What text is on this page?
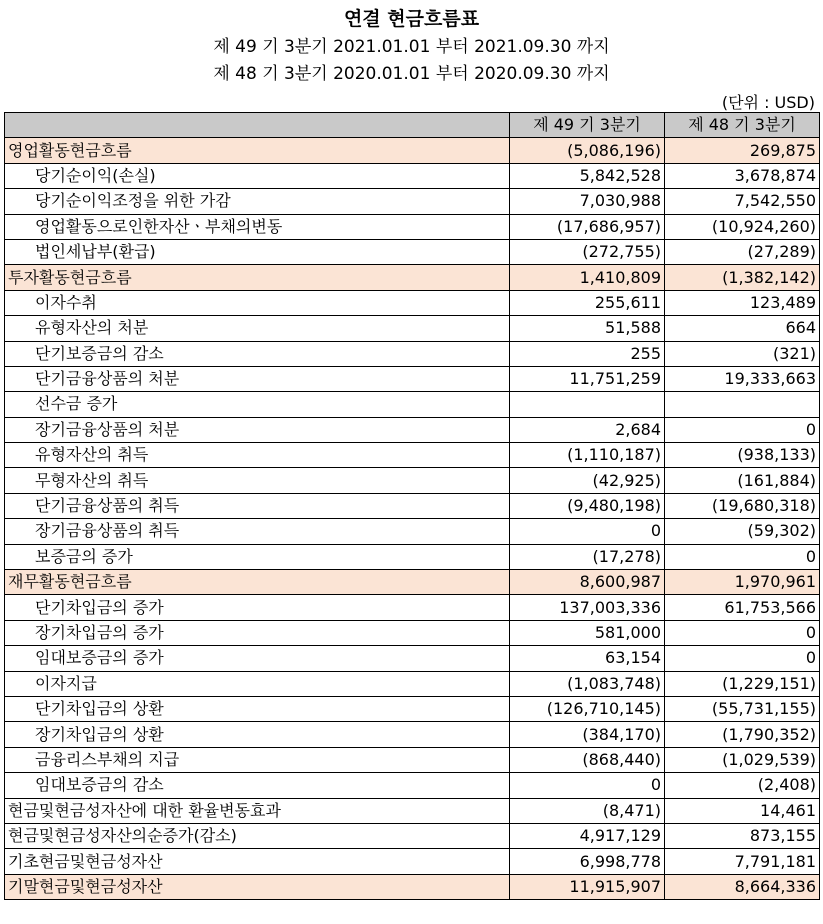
연결 현금흐름표
제 49 기 3분기 2021.01.01 부터 2021.09.30 까지
제 48 기 3분기 2020.01.01 부터 2020.09.30 까지
(단위 : USD)
	제 49 기 3분기	제 48 기 3분기
영업활동현금흐름	(5,086,196)	269,875
당기순이익(손실)	5,842,528	3,678,874
당기순이익조정을 위한 가감	7,030,988	7,542,550
영업활동으로인한자산ㆍ부채의변동	(17,686,957)	(10,924,260)
법인세납부(환급)	(272,755)	(27,289)
투자활동현금흐름	1,410,809	(1,382,142)
이자수취	255,611	123,489
유형자산의 처분	51,588	664
단기보증금의 감소	255	(321)
단기금융상품의 처분	11,751,259	19,333,663
선수금 증가		
장기금융상품의 처분	2,684	0
유형자산의 취득	(1,110,187)	(938,133)
무형자산의 취득	(42,925)	(161,884)
단기금융상품의 취득	(9,480,198)	(19,680,318)
장기금융상품의 취득	0	(59,302)
보증금의 증가	(17,278)	0
재무활동현금흐름	8,600,987	1,970,961
단기차입금의 증가	137,003,336	61,753,566
장기차입금의 증가	581,000	0
임대보증금의 증가	63,154	0
이자지급	(1,083,748)	(1,229,151)
단기차입금의 상환	(126,710,145)	(55,731,155)
장기차입금의 상환	(384,170)	(1,790,352)
금융리스부채의 지급	(868,440)	(1,029,539)
임대보증금의 감소	0	(2,408)
현금및현금성자산에 대한 환율변동효과	(8,471)	14,461
현금및현금성자산의순증가(감소)	4,917,129	873,155
기초현금및현금성자산	6,998,778	7,791,181
기말현금및현금성자산	11,915,907	8,664,336
